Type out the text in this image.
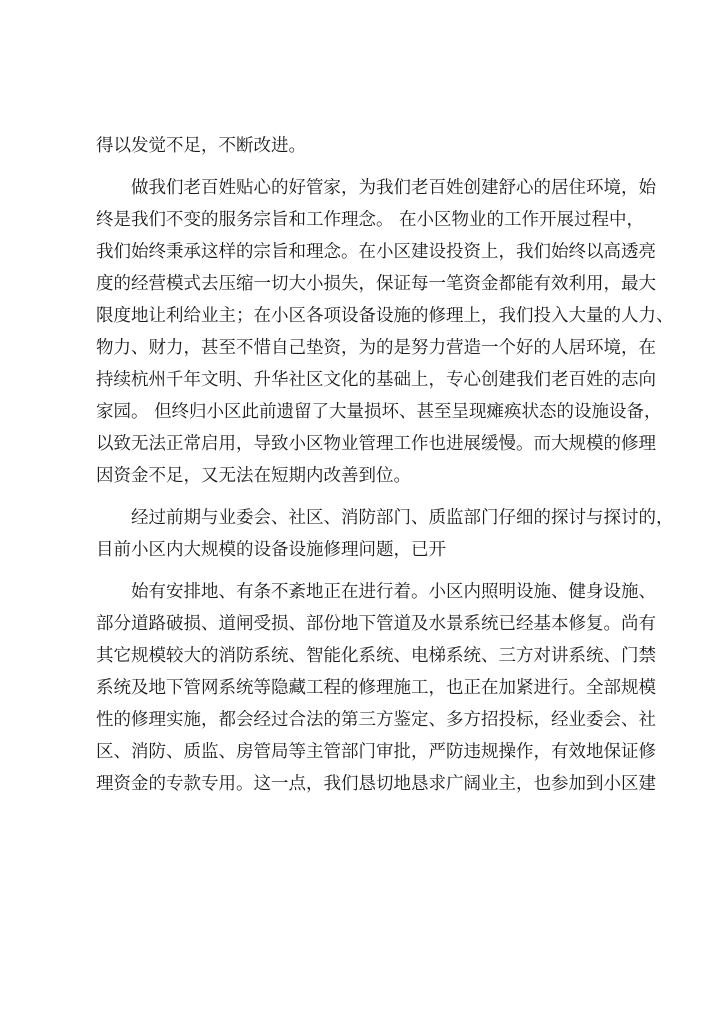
得以发觉不足，不断改进。
做我们老百姓贴心的好管家，为我们老百姓创建舒心的居住环境，始
终是我们不变的服务宗旨和工作理念。 在小区物业的工作开展过程中，
我们始终秉承这样的宗旨和理念。在小区建设投资上，我们始终以高透亮
度的经营模式去压缩一切大小损失，保证每一笔资金都能有效利用，最大
限度地让利给业主；在小区各项设备设施的修理上，我们投入大量的人力、
物力、财力，甚至不惜自己垫资，为的是努力营造一个好的人居环境，在
持续杭州千年文明、升华社区文化的基础上，专心创建我们老百姓的志向
家园。 但终归小区此前遗留了大量损坏、甚至呈现瘫痪状态的设施设备，
以致无法正常启用，导致小区物业管理工作也进展缓慢。而大规模的修理
因资金不足，又无法在短期内改善到位。
经过前期与业委会、社区、消防部门、质监部门仔细的探讨与探讨的，
目前小区内大规模的设备设施修理问题，已开
始有安排地、有条不紊地正在进行着。小区内照明设施、健身设施、
部分道路破损、道闸受损、部份地下管道及水景系统已经基本修复。尚有
其它规模较大的消防系统、智能化系统、电梯系统、三方对讲系统、门禁
系统及地下管网系统等隐藏工程的修理施工，也正在加紧进行。全部规模
性的修理实施，都会经过合法的第三方鉴定、多方招投标，经业委会、社
区、消防、质监、房管局等主管部门审批，严防违规操作，有效地保证修
理资金的专款专用。这一点，我们恳切地恳求广阔业主，也参加到小区建
